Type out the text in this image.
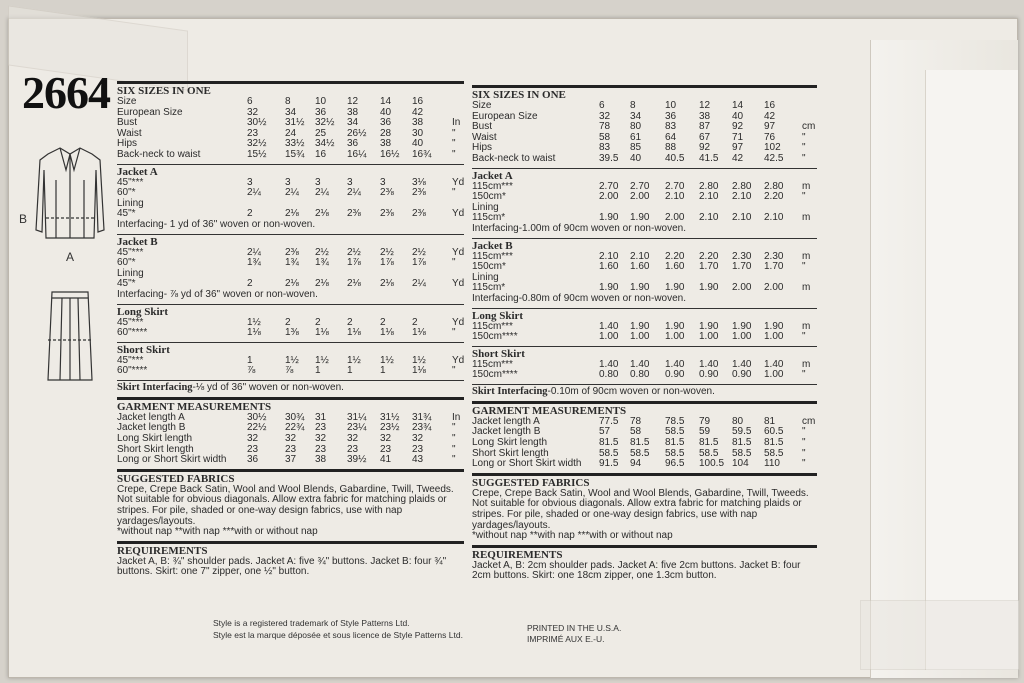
2664
B
A
SIX SIZES IN ONE
Size	6	8 10 12 14 16
European Size	32	34 36 38 40 42
Bust	30½ 31½ 32½ 34 36 38	In
Waist	23	24 25 26½ 28 30	"
Hips	32½ 33½ 34½ 36 38 40	"
Back-neck to waist	15½ 15¾ 16 16¼ 16½ 16¾ "
Jacket A
45"***	3	3 3	3	3	3⅛	Yd
60"*	2¼ 2¼ 2¼ 2¼ 2⅜ 2⅜	"
Lining
45"*	2	2⅛ 2⅛ 2⅜ 2⅜ 2⅜	Yd
Interfacing- 1 yd of 36" woven or non-woven.
Jacket B
45"***	2¼ 2⅜ 2½ 2½ 2½ 2½	Yd
60"*	1¾ 1¾ 1¾ 1⅞ 1⅞ 1⅞	"
Lining
45"*	2	2⅛ 2⅛ 2⅛ 2⅛ 2¼	Yd
Interfacing- ⅞ yd of 36" woven or non-woven.
Long Skirt
45"***	1½ 2 2	2	2	2	Yd
60"****	1⅛ 1⅜ 1⅛ 1⅛ 1⅛ 1⅛	"
Short Skirt
45"***	1	1½ 1½ 1½ 1½ 1½	Yd
60"****	⅞	⅞ 1	1	1	1⅛	"
Skirt Interfacing-⅛ yd of 36" woven or non-woven.
GARMENT MEASUREMENTS
Jacket length A	30½ 30¾ 31 31¼ 31½ 31¾ In
Jacket length B	22½ 22¾ 23 23¼ 23½ 23¾ "
Long Skirt length	32	32 32 32 32 32	"
Short Skirt length	23	23 23 23 23 23	"
Long or Short Skirt width 36	37 38 39½ 41 43	"
SUGGESTED FABRICS
Crepe, Crepe Back Satin, Wool and Wool Blends, Gabardine, Twill, Tweeds. Not suitable for obvious diagonals. Allow extra fabric for matching plaids or stripes. For pile, shaded or one-way design fabrics, use with nap yardages/layouts.
*without nap **with nap ***with or without nap
REQUIREMENTS
Jacket A, B: ¾" shoulder pads. Jacket A: five ¾" buttons. Jacket B: four ¾" buttons. Skirt: one 7" zipper, one ½" button.
SIX SIZES IN ONE
Size	6	8	10 12 14 16
European Size	32 34 36 38 40 42
Bust	78 80 83 87 92 97	cm
Waist	58 61 64 67 71 76	"
Hips	83 85 88 92 97 102 "
Back-neck to waist	39.5 40 40.5 41.5 42 42.5 "
Jacket A
115cm***	2.70 2.70 2.70 2.80 2.80 2.80 m
150cm*	2.00 2.00 2.10 2.10 2.10 2.20 "
Lining
115cm*	1.90 1.90 2.00 2.10 2.10 2.10 m
Interfacing-1.00m of 90cm woven or non-woven.
Jacket B
115cm***	2.10 2.10 2.20 2.20 2.30 2.30 m
150cm*	1.60 1.60 1.60 1.70 1.70 1.70 "
Lining
115cm*	1.90 1.90 1.90 1.90 2.00 2.00 m
Interfacing-0.80m of 90cm woven or non-woven.
Long Skirt
115cm***	1.40 1.90 1.90 1.90 1.90 1.90 m
150cm****	1.00 1.00 1.00 1.00 1.00 1.00 "
Short Skirt
115cm***	1.40 1.40 1.40 1.40 1.40 1.40 m
150cm****	0.80 0.80 0.90 0.90 0.90 1.00 "
Skirt Interfacing-0.10m of 90cm woven or non-woven.
GARMENT MEASUREMENTS
Jacket length A	77.5 78 78.5 79 80 81	cm
Jacket length B	57 58 58.5 59 59.5 60.5 "
Long Skirt length	81.5 81.5 81.5 81.5 81.5 81.5 "
Short Skirt length	58.5 58.5 58.5 58.5 58.5 58.5 "
Long or Short Skirt width 91.5 94 96.5 100.5 104 110 "
SUGGESTED FABRICS
Crepe, Crepe Back Satin, Wool and Wool Blends, Gabardine, Twill, Tweeds. Not suitable for obvious diagonals. Allow extra fabric for matching plaids or stripes. For pile, shaded or one-way design fabrics, use with nap yardages/layouts.
*without nap **with nap ***with or without nap
REQUIREMENTS
Jacket A, B: 2cm shoulder pads. Jacket A: five 2cm buttons. Jacket B: four 2cm buttons. Skirt: one 18cm zipper, one 1.3cm button.
Style is a registered trademark of Style Patterns Ltd.
Style est la marque déposée et sous licence de Style Patterns Ltd.
PRINTED IN THE U.S.A.
IMPRIMÉ AUX E.-U.
